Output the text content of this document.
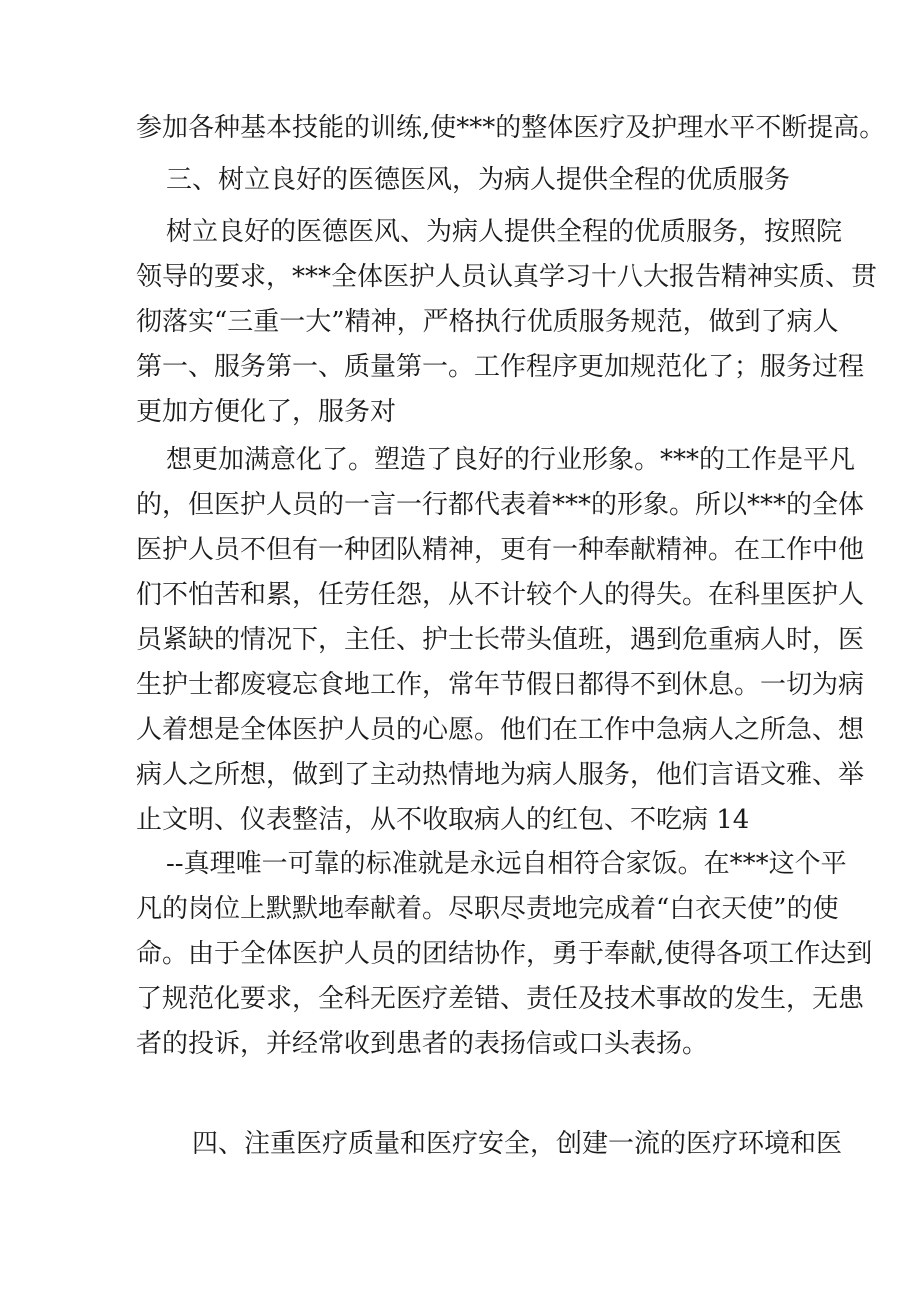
参加各种基本技能的训练,使***的整体医疗及护理水平不断提高。

三、树立良好的医德医风，为病人提供全程的优质服务

树立良好的医德医风、为病人提供全程的优质服务，按照院
领导的要求，***全体医护人员认真学习十八大报告精神实质、贯
彻落实“三重一大”精神，严格执行优质服务规范，做到了病人
第一、服务第一、质量第一。工作程序更加规范化了；服务过程
更加方便化了，服务对

想更加满意化了。塑造了良好的行业形象。***的工作是平凡
的，但医护人员的一言一行都代表着***的形象。所以***的全体
医护人员不但有一种团队精神，更有一种奉献精神。在工作中他
们不怕苦和累，任劳任怨，从不计较个人的得失。在科里医护人
员紧缺的情况下，主任、护士长带头值班，遇到危重病人时，医
生护士都废寝忘食地工作，常年节假日都得不到休息。一切为病
人着想是全体医护人员的心愿。他们在工作中急病人之所急、想
病人之所想，做到了主动热情地为病人服务，他们言语文雅、举
止文明、仪表整洁，从不收取病人的红包、不吃病 14

--真理唯一可靠的标准就是永远自相符合家饭。在***这个平
凡的岗位上默默地奉献着。尽职尽责地完成着“白衣天使”的使
命。由于全体医护人员的团结协作，勇于奉献,使得各项工作达到
了规范化要求，全科无医疗差错、责任及技术事故的发生，无患
者的投诉，并经常收到患者的表扬信或口头表扬。

四、注重医疗质量和医疗安全，创建一流的医疗环境和医
